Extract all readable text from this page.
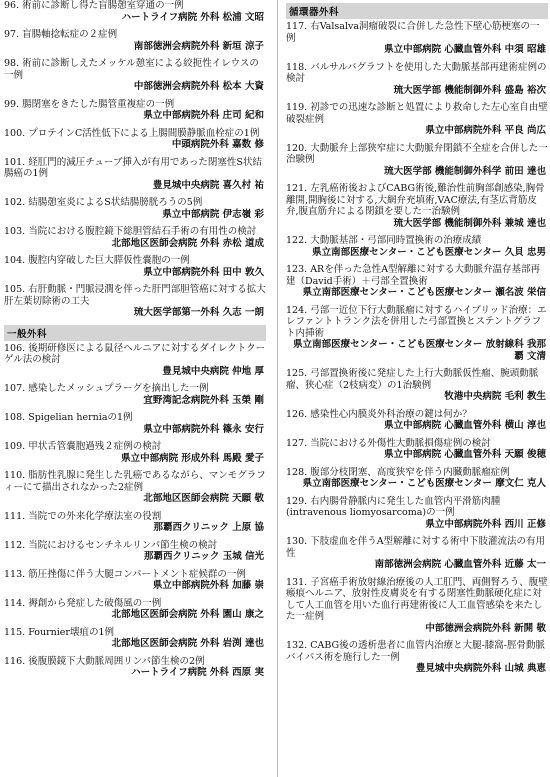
96. 術前に診断し得た盲腸憩室穿通の一例
ハートライフ病院 外科 松浦 文昭
97. 盲腸軸捻転症の２症例
南部徳洲会病院外科 新垣 涼子
98. 術前に診断しえたメッケル憩室による絞扼性イレウスの一例
中部徳洲会病院外科 松本 大資
99. 腸閉塞をきたした腸管重複症の一例
県立中部病院外科 庄司 紀和
100. プロテインC活性低下による上腸間膜静脈血栓症の1例
中頭病院外科 嘉数 修
101. 経肛門的減圧チューブ挿入が有用であった閉塞性S状結腸癌の1例
豊見城中央病院 喜久村 祐
102. 結腸憩室炎によるS状結腸膀胱ろうの5例
県立中部病院 伊志嶺 彩
103. 当院における腹腔鏡下総胆管結石手術の有用性の検討
北部地区医師会病院 外科 赤松 道成
104. 腹腔内穿破した巨大膵仮性嚢胞の一例
県立中部病院外科 田中 敦久
105. 右肝動脈・門脈浸潤を伴った肝門部胆管癌に対する拡大肝左葉切除術の工夫
琉大医学部第一外科 久志 一朗
一般外科
106. 後期研修医による鼠径ヘルニアに対するダイレクトクーゲル法の検討
豊見城中央病院 仲地 厚
107. 感染したメッシュプラーグを摘出した一例
宜野湾記念病院外科 玉榮 剛
108. Spigelian herniaの1例
県立中部病院外科 篠永 安行
109. 甲状舌管嚢胞過残２症例の検討
県立中部病院 形成外科 馬殿 愛子
110. 脂肪性乳腺に発生した乳癌であるながら、マンモグラフィーにて描出されなかった2症例
北部地区医師会病院 天願 敬
111. 当院での外来化学療法室の役割
那覇西クリニック 上原 協
112. 当院におけるセンチネルリンパ節生検の検討
那覇西クリニック 玉城 信光
113. 筋圧挫傷に伴う大腿コンパートメント症候群の一例
県立中部病院外科 加藤 崇
114. 褥創から発症した破傷風の一例
北部地区医師会病院 外科 園山 康之
115. Fournier壊疽の1例
北部地区医師会病院 外科 岩渕 達也
116. 後腹膜鏡下大動脈周囲リンパ節生検の2例
ハートライフ病院 外科 西原 実
循環器外科
117. 右Valsalva洞瘤破裂に合併した急性下壁心筋梗塞の一例
県立中部病院 心臓血管外科 中須 昭雄
118. バルサルバグラフトを使用した大動脈基部再建術症例の検討
琉大医学部 機能制御外科 盛島 裕次
119. 初診での迅速な診断と処置により救命した左心室自由壁破裂症例
県立中部病院外科 平良 尚広
120. 大動脈弁上部狭窄症に大動脈弁閉鎖不全症を合併した一治験例
琉大医学部 機能制御外科学 前田 達也
121. 左乳癌術後およびCABG術後,難治性前胸部創感染,胸骨離開,開胸後に対する,大網弁充填術,VAC療法,有茎広背筋皮弁,腹直筋弁による閉鎖を要した一治験例
琉大医学部 機能制御外科 兼城 達也
122. 大動脈基部・弓部同時置換術の治療成績
県立南部医療センター・こども医療センター 久貝 忠男
123. ARを伴った急性A型解離に対する大動脈弁温存基部再建（David手術）＋弓部全置換術
県立南部医療センター・こども医療センター 瀬名波 栄信
124. 弓部一近位下行大動脈瘤に対するハイブリッド治療：エレファントトランク法を併用した弓部置換とステントグラフト内挿術
県立南部医療センター・こども医療センター 放射線科 我那覇 文清
125. 弓部置換術後に発症した上行大動脈仮性瘤、腕頭動脈瘤、狭心症（2枝病変）の1治験例
牧港中央病院 毛利 教生
126. 感染性心内膜炎外科治療の鍵は何か？
県立中部病院 心臓血管外科 横山 淳也
127. 当院における外傷性大動脈損傷症例の検討
県立中部病院 心臓血管外科 天願 俊穂
128. 腹部分枝閉塞、高度狭窄を伴う内臓動脈瘤症例
県立南部医療センター・こども医療センター 摩文仁 克人
129. 右内腸骨静脈内に発生した血管内平滑筋肉腫(intravenous liomyosarcoma)の一例
県立中部病院外科 西川 正修
130. 下肢虚血を伴うA型解離に対する術中下肢灌流法の有用性
南部徳洲会病院 心臓血管外科 近藤 太一
131. 子宮癌手術放射線治療後の人工肛門、両側腎ろう、腹壁瘢痕ヘルニア、放射性皮膚炎を有する閉塞性動脈硬化症に対して人工血管を用いた血行再建術後に人工血管感染を来たした一症例
中部徳洲会病院外科 新開 敬
132. CABG後の透析患者に血管内治療と大腿-膝窩-脛骨動脈バイパス術を施行した一例
豊見城中央病院外科 山城 典恵
